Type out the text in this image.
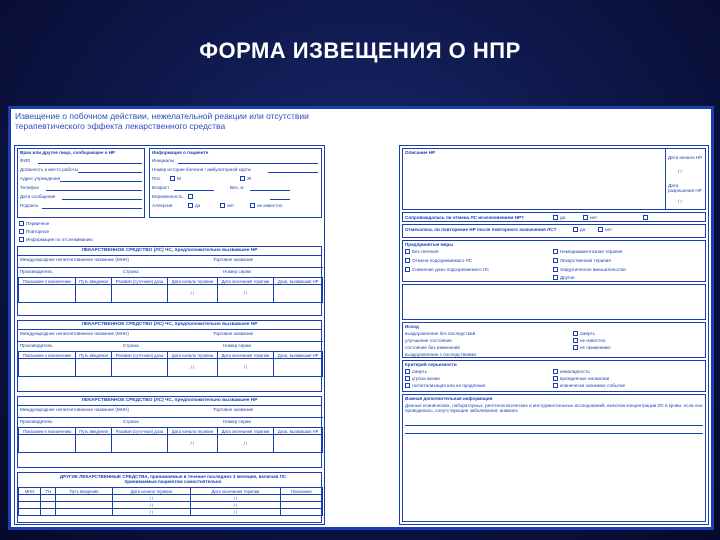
ФОРМА ИЗВЕЩЕНИЯ О НПР
Извещение о побочном действии, нежелательной реакции или отсутствии терапевтического эффекта лекарственного средства
Врач или другое лицо, сообщающее о НР
ФИО
Должность и место работы
Адрес учреждения
Телефон
Дата сообщения
Подпись
Информация о пациенте
Инициалы
Номер истории болезни / амбулаторной карты
Пол	М	Ж
Возраст	Вес, кг
Беременность
Аллергия	да	нет	не известно
Первичное
Повторное
Информация по отслеживанию
ЛЕКАРСТВЕННОЕ СРЕДСТВО (ЛС) ЧС, предположительно вызвавшее НР
Международное непатентованное название (МНН)	Торговое название
Производитель	Страна	Номер серии
Показание к назначению	Путь введения	Разовая (суточная) доза	Дата начала терапии	Дата окончания терапии	Доза, вызвавшая НР
			/ /	/ /	
ЛЕКАРСТВЕННОЕ СРЕДСТВО (ЛС) ЧС, предположительно вызвавшее НР
Международное непатентованное название (МНН)	Торговое название
Производитель	Страна	Номер серии
Показание к назначению	Путь введения	Разовая (суточная) доза	Дата начала терапии	Дата окончания терапии	Доза, вызвавшая НР
			/ /	/ /	
ЛЕКАРСТВЕННОЕ СРЕДСТВО (ЛС) ЧС, предположительно вызвавшее НР
Международное непатентованное название (МНН)	Торговое название
Производитель	Страна	Номер серии
Показание к назначению	Путь введения	Разовая (суточная) доза	Дата начала терапии	Дата окончания терапии	Доза, вызвавшая НР
			/ /	/ /	
ДРУГИЕ ЛЕКАРСТВЕННЫЕ СРЕДСТВА, принимаемые в течение последних 3 месяцев, включая ЛС принимаемые пациентом самостоятельно
МНН	ТН	Путь введения	Дата начала терапии	Дата окончания терапии	Показание
			/ /	/ /	
			/ /	/ /	
			/ /	/ /	
Описание НР
Дата начала НР
/ /
Дата разрешения НР
/ /
Сопровождалась ли отмена ЛС исчезновением НР?	да	нет
Отмечалось ли повторение НР после повторного назначения ЛС?	да	нет
Предпринятые меры
Без лечения
Отмена подозреваемого ЛС
Снижение дозы подозреваемого ЛС
Немедикаментозная терапия
Лекарственная терапия
Хирургическое вмешательство
Другое
Исход
выздоровление без последствий
улучшение состояния
состояние без изменений
выздоровление с последствиями
смерть
не известно
не применимо
Критерий серьезности
смерть
угроза жизни
госпитализация или ее продление
инвалидность
врожденные аномалии
клинически значимое событие
Важная дополнительная информация
Данные клинических, лабораторных, рентгенологических и инструментальных исследований, включая концентрации ЛС в крови, если они проводились; сопутствующие заболевания; анамнез
